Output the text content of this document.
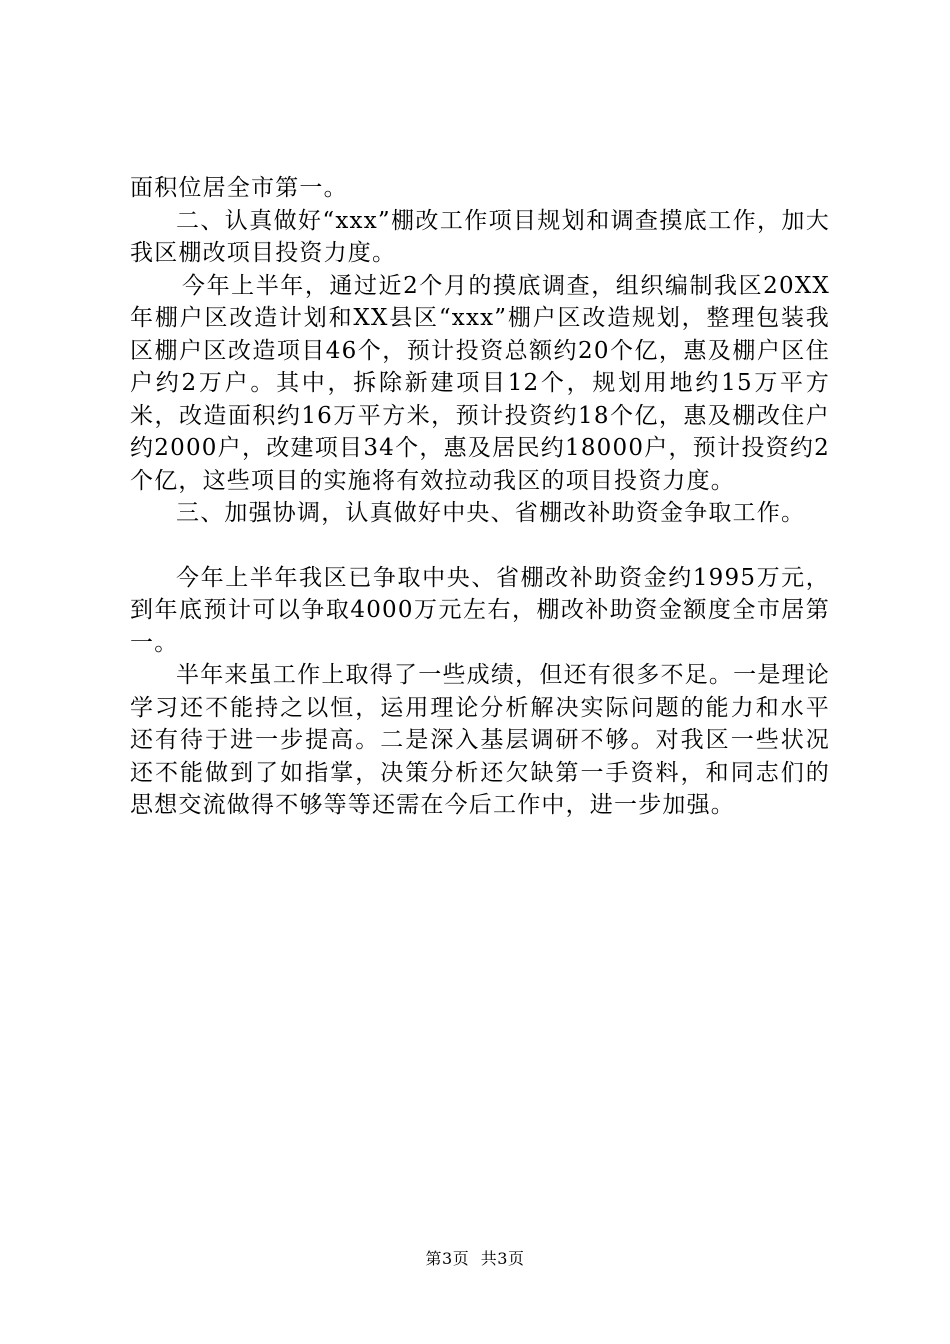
面积位居全市第一。

二、认真做好“xxx”棚改工作项目规划和调查摸底工作，加大我区棚改项目投资力度。

今年上半年，通过近2个月的摸底调查，组织编制我区20XX年棚户区改造计划和XX县区“xxx”棚户区改造规划，整理包装我区棚户区改造项目46个，预计投资总额约20个亿，惠及棚户区住户约2万户。其中，拆除新建项目12个，规划用地约15万平方米，改造面积约16万平方米，预计投资约18个亿，惠及棚改住户约2000户，改建项目34个，惠及居民约18000户，预计投资约2个亿，这些项目的实施将有效拉动我区的项目投资力度。

三、加强协调，认真做好中央、省棚改补助资金争取工作。

今年上半年我区已争取中央、省棚改补助资金约1995万元，到年底预计可以争取4000万元左右，棚改补助资金额度全市居第一。

半年来虽工作上取得了一些成绩，但还有很多不足。一是理论学习还不能持之以恒，运用理论分析解决实际问题的能力和水平还有待于进一步提高。二是深入基层调研不够。对我区一些状况还不能做到了如指掌，决策分析还欠缺第一手资料，和同志们的思想交流做得不够等等还需在今后工作中，进一步加强。

第3页 共3页
